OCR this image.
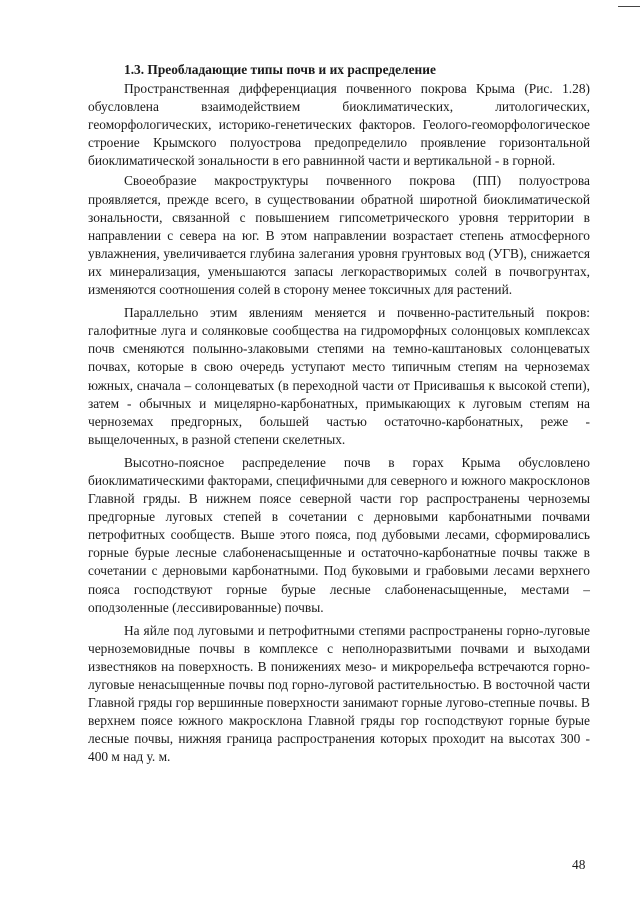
1.3. Преобладающие типы почв и их распределение

Пространственная дифференциация почвенного покрова Крыма (Рис. 1.28) обусловлена взаимодействием биоклиматических, литологических, геоморфологических, историко-генетических факторов. Геолого-геоморфологическое строение Крымского полуострова предопределило проявление горизонтальной биоклиматической зональности в его равнинной части и вертикальной - в горной.

Своеобразие макроструктуры почвенного покрова (ПП) полуострова проявляется, прежде всего, в существовании обратной широтной биоклиматической зональности, связанной с повышением гипсометрического уровня территории в направлении с севера на юг. В этом направлении возрастает степень атмосферного увлажнения, увеличивается глубина залегания уровня грунтовых вод (УГВ), снижается их минерализация, уменьшаются запасы легкорастворимых солей в почвогрунтах, изменяются соотношения солей в сторону менее токсичных для растений.

Параллельно этим явлениям меняется и почвенно-растительный покров: галофитные луга и солянковые сообщества на гидроморфных солонцовых комплексах почв сменяются полынно-злаковыми степями на темно-каштановых солонцеватых почвах, которые в свою очередь уступают место типичным степям на черноземах южных, сначала – солонцеватых (в переходной части от Присивашья к высокой степи), затем - обычных и мицелярно-карбонатных, примыкающих к луговым степям на черноземах предгорных, большей частью остаточно-карбонатных, реже - выщелоченных, в разной степени скелетных.

Высотно-поясное распределение почв в горах Крыма обусловлено биоклиматическими факторами, специфичными для северного и южного макросклонов Главной гряды. В нижнем поясе северной части гор распространены черноземы предгорные луговых степей в сочетании с дерновыми карбонатными почвами петрофитных сообществ. Выше этого пояса, под дубовыми лесами, сформировались горные бурые лесные слабоненасыщенные и остаточно-карбонатные почвы также в сочетании с дерновыми карбонатными. Под буковыми и грабовыми лесами верхнего пояса господствуют горные бурые лесные слабоненасыщенные, местами – оподзоленные (лессивированные) почвы.

На яйле под луговыми и петрофитными степями распространены горно-луговые черноземовидные почвы в комплексе с неполноразвитыми почвами и выходами известняков на поверхность. В понижениях мезо- и микрорельефа встречаются горно-луговые ненасыщенные почвы под горно-луговой растительностью. В восточной части Главной гряды гор вершинные поверхности занимают горные лугово-степные почвы. В верхнем поясе южного макросклона Главной гряды гор господствуют горные бурые лесные почвы, нижняя граница распространения которых проходит на высотах 300 - 400 м над у. м.

48
